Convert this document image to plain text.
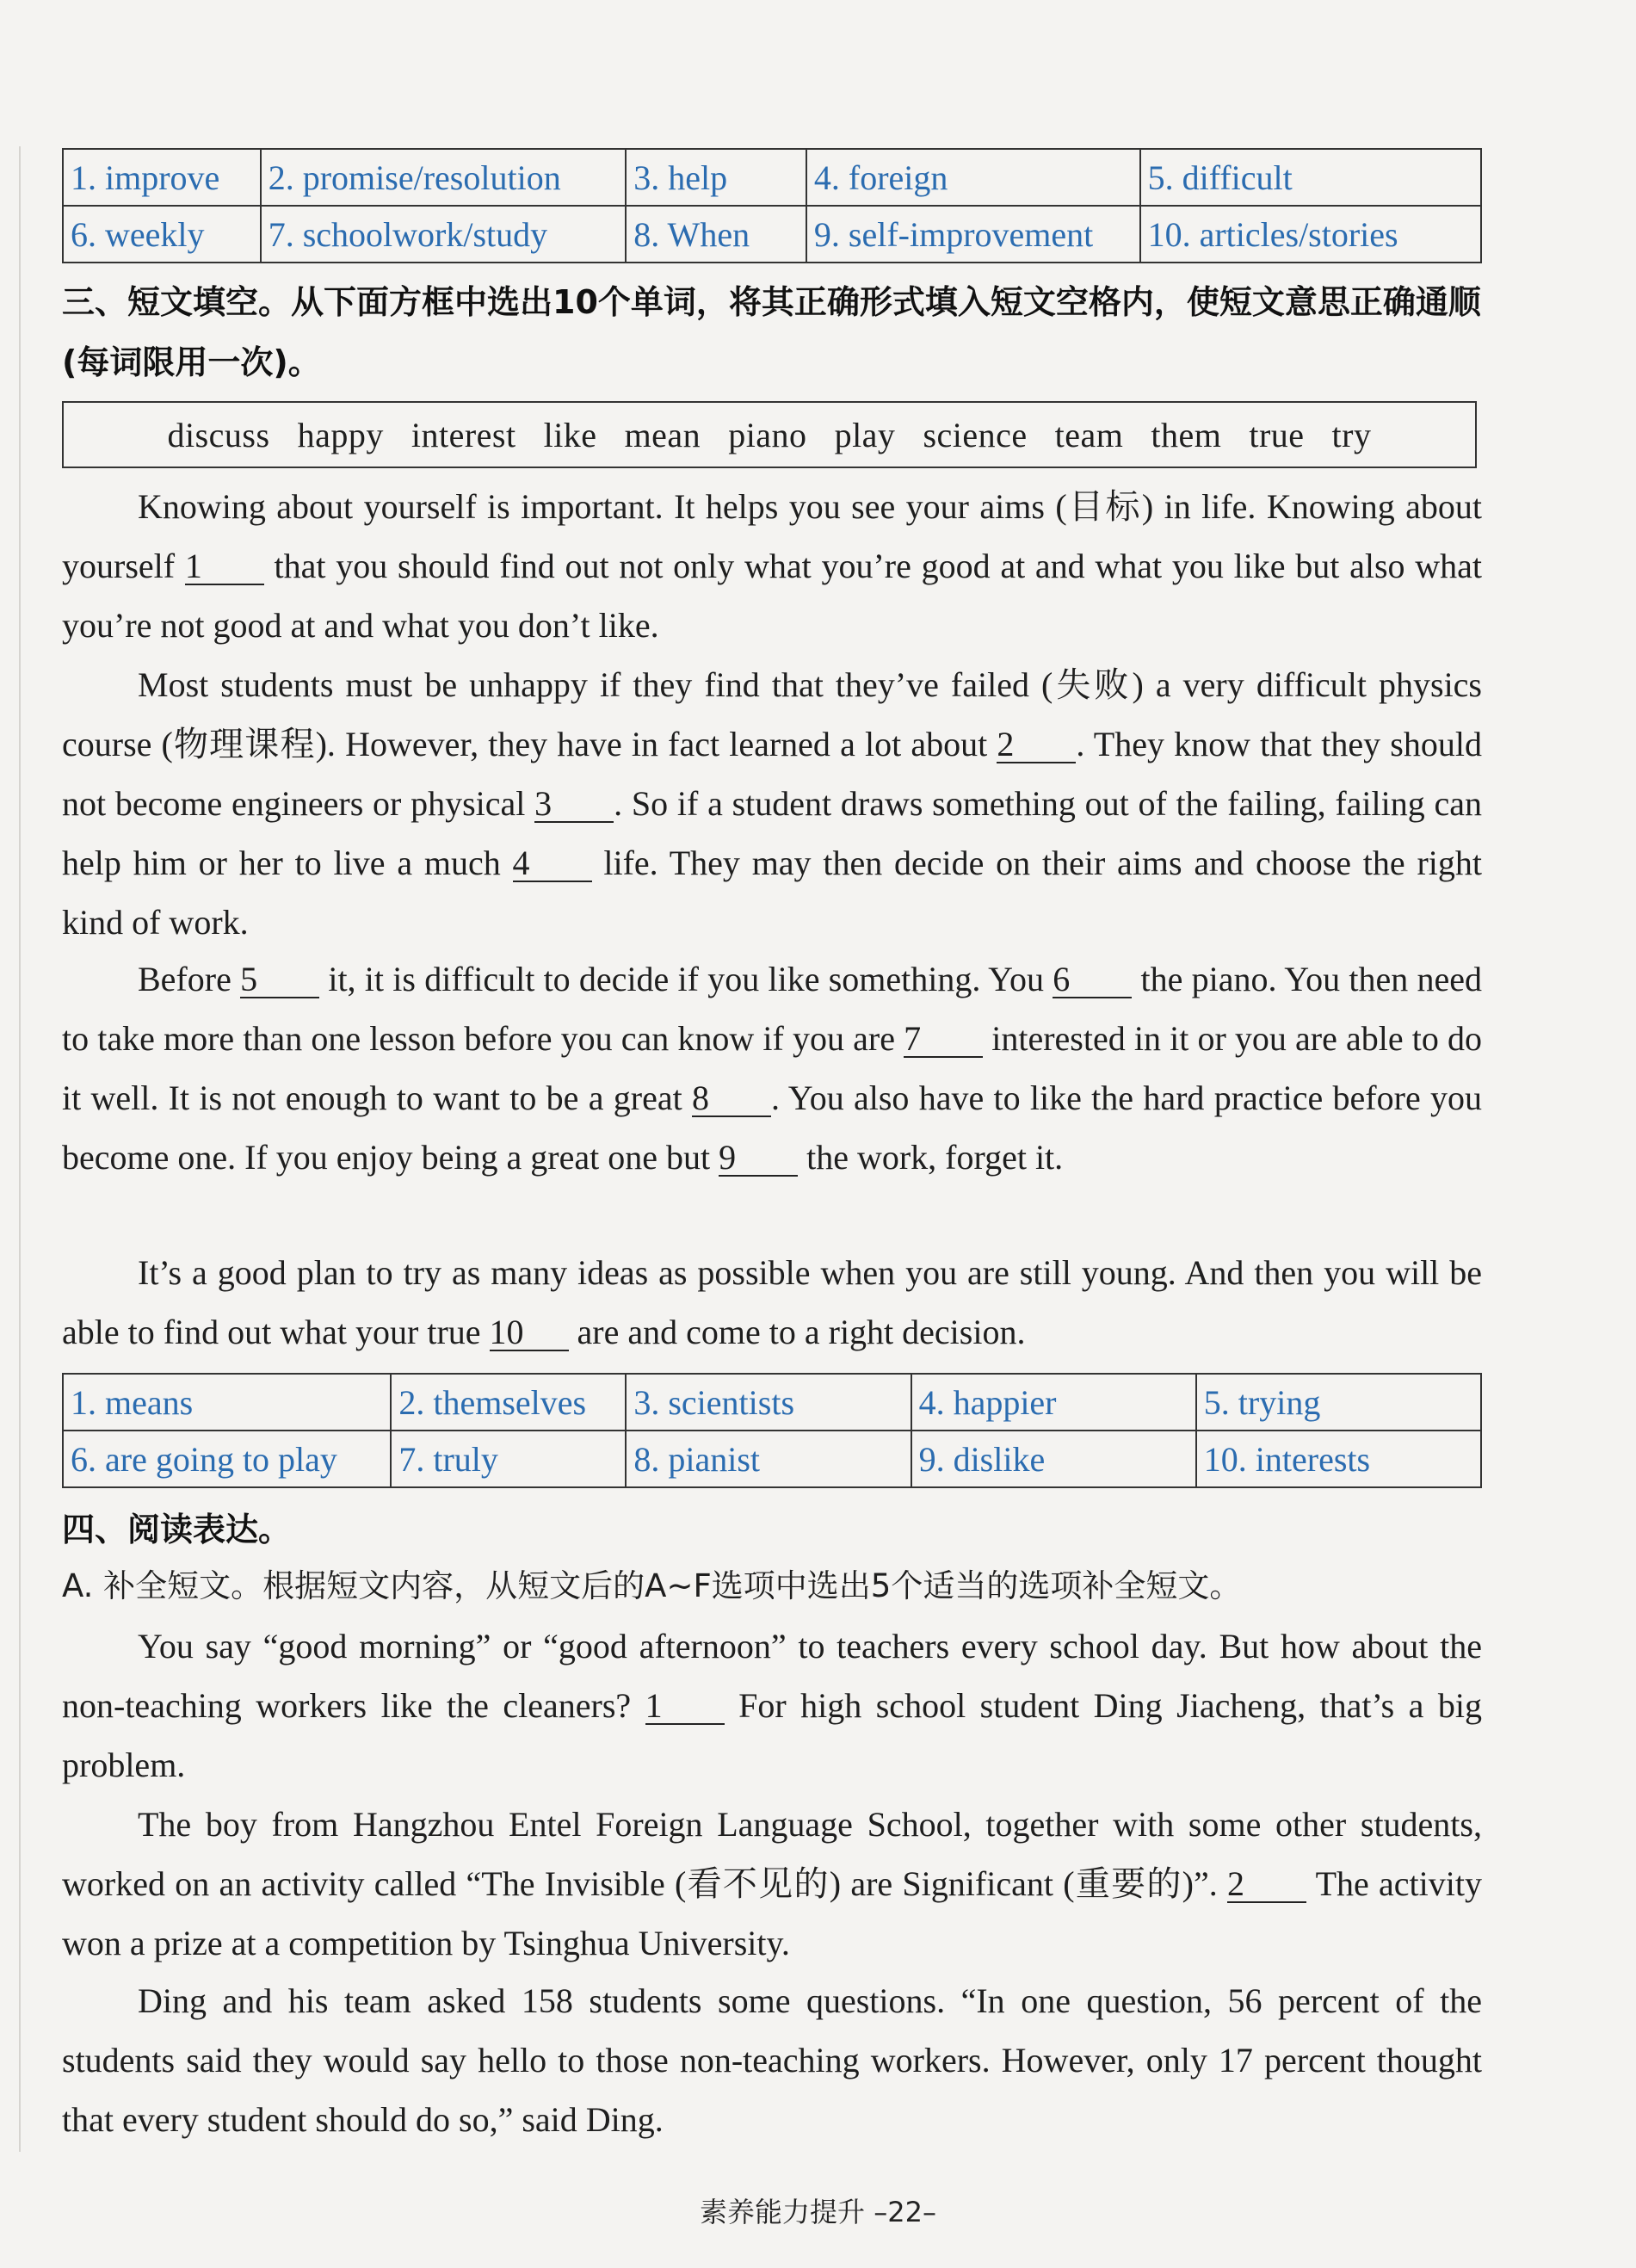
1. improve	2. promise/resolution	3. help	4. foreign	5. difficult
6. weekly	7. schoolwork/study	8. When	9. self-improvement	10. articles/stories
三、短文填空。从下面方框中选出10个单词，将其正确形式填入短文空格内，使短文意思正确通顺(每词限用一次)。
discuss happy interest like mean piano play science team them true try
Knowing about yourself is important. It helps you see your aims (目标) in life. Knowing about yourself 1 that you should find out not only what you’re good at and what you like but also what you’re not good at and what you don’t like.
Most students must be unhappy if they find that they’ve failed (失败) a very difficult physics course (物理课程). However, they have in fact learned a lot about 2 . They know that they should not become engineers or physical 3 . So if a student draws something out of the failing, failing can help him or her to live a much 4 life. They may then decide on their aims and choose the right kind of work.
Before 5 it, it is difficult to decide if you like something. You 6 the piano. You then need to take more than one lesson before you can know if you are 7 interested in it or you are able to do it well. It is not enough to want to be a great 8 . You also have to like the hard practice before you become one. If you enjoy being a great one but 9 the work, forget it.
It’s a good plan to try as many ideas as possible when you are still young. And then you will be able to find out what your true 10 are and come to a right decision.
1. means	2. themselves	3. scientists	4. happier	5. trying
6. are going to play	7. truly	8. pianist	9. dislike	10. interests
四、阅读表达。
A. 补全短文。根据短文内容，从短文后的A~F选项中选出5个适当的选项补全短文。
You say “good morning” or “good afternoon” to teachers every school day. But how about the non-teaching workers like the cleaners? 1 For high school student Ding Jiacheng, that’s a big problem.
The boy from Hangzhou Entel Foreign Language School, together with some other students, worked on an activity called “The Invisible (看不见的) are Significant (重要的)”. 2 The activity won a prize at a competition by Tsinghua University.
Ding and his team asked 158 students some questions. “In one question, 56 percent of the students said they would say hello to those non-teaching workers. However, only 17 percent thought that every student should do so,” said Ding.
素养能力提升 –22–
